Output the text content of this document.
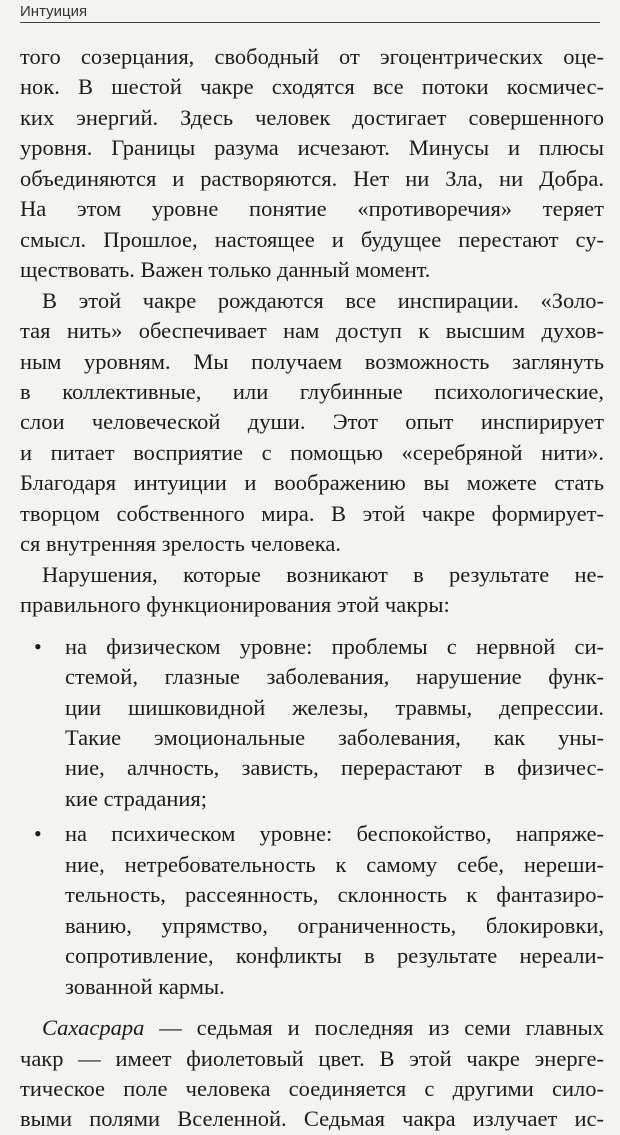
Интуиция
того созерцания, свободный от эгоцентрических оце-
нок. В шестой чакре сходятся все потоки космичес-
ких энергий. Здесь человек достигает совершенного
уровня. Границы разума исчезают. Минусы и плюсы
объединяются и растворяются. Нет ни Зла, ни Добра.
На этом уровне понятие «противоречия» теряет
смысл. Прошлое, настоящее и будущее перестают су-
ществовать. Важен только данный момент.
В этой чакре рождаются все инспирации. «Золо-
тая нить» обеспечивает нам доступ к высшим духов-
ным уровням. Мы получаем возможность заглянуть
в коллективные, или глубинные психологические,
слои человеческой души. Этот опыт инспирирует
и питает восприятие с помощью «серебряной нити».
Благодаря интуиции и воображению вы можете стать
творцом собственного мира. В этой чакре формирует-
ся внутренняя зрелость человека.
Нарушения, которые возникают в результате не-
правильного функционирования этой чакры:
• на физическом уровне: проблемы с нервной си-
стемой, глазные заболевания, нарушение функ-
ции шишковидной железы, травмы, депрессии.
Такие эмоциональные заболевания, как уны-
ние, алчность, зависть, перерастают в физичес-
кие страдания;
• на психическом уровне: беспокойство, напряже-
ние, нетребовательность к самому себе, нереши-
тельность, рассеянность, склонность к фантазиро-
ванию, упрямство, ограниченность, блокировки,
сопротивление, конфликты в результате нереали-
зованной кармы.
Сахасрара — седьмая и последняя из семи главных
чакр — имеет фиолетовый цвет. В этой чакре энерге-
тическое поле человека соединяется с другими сило-
выми полями Вселенной. Седьмая чакра излучает ис-
